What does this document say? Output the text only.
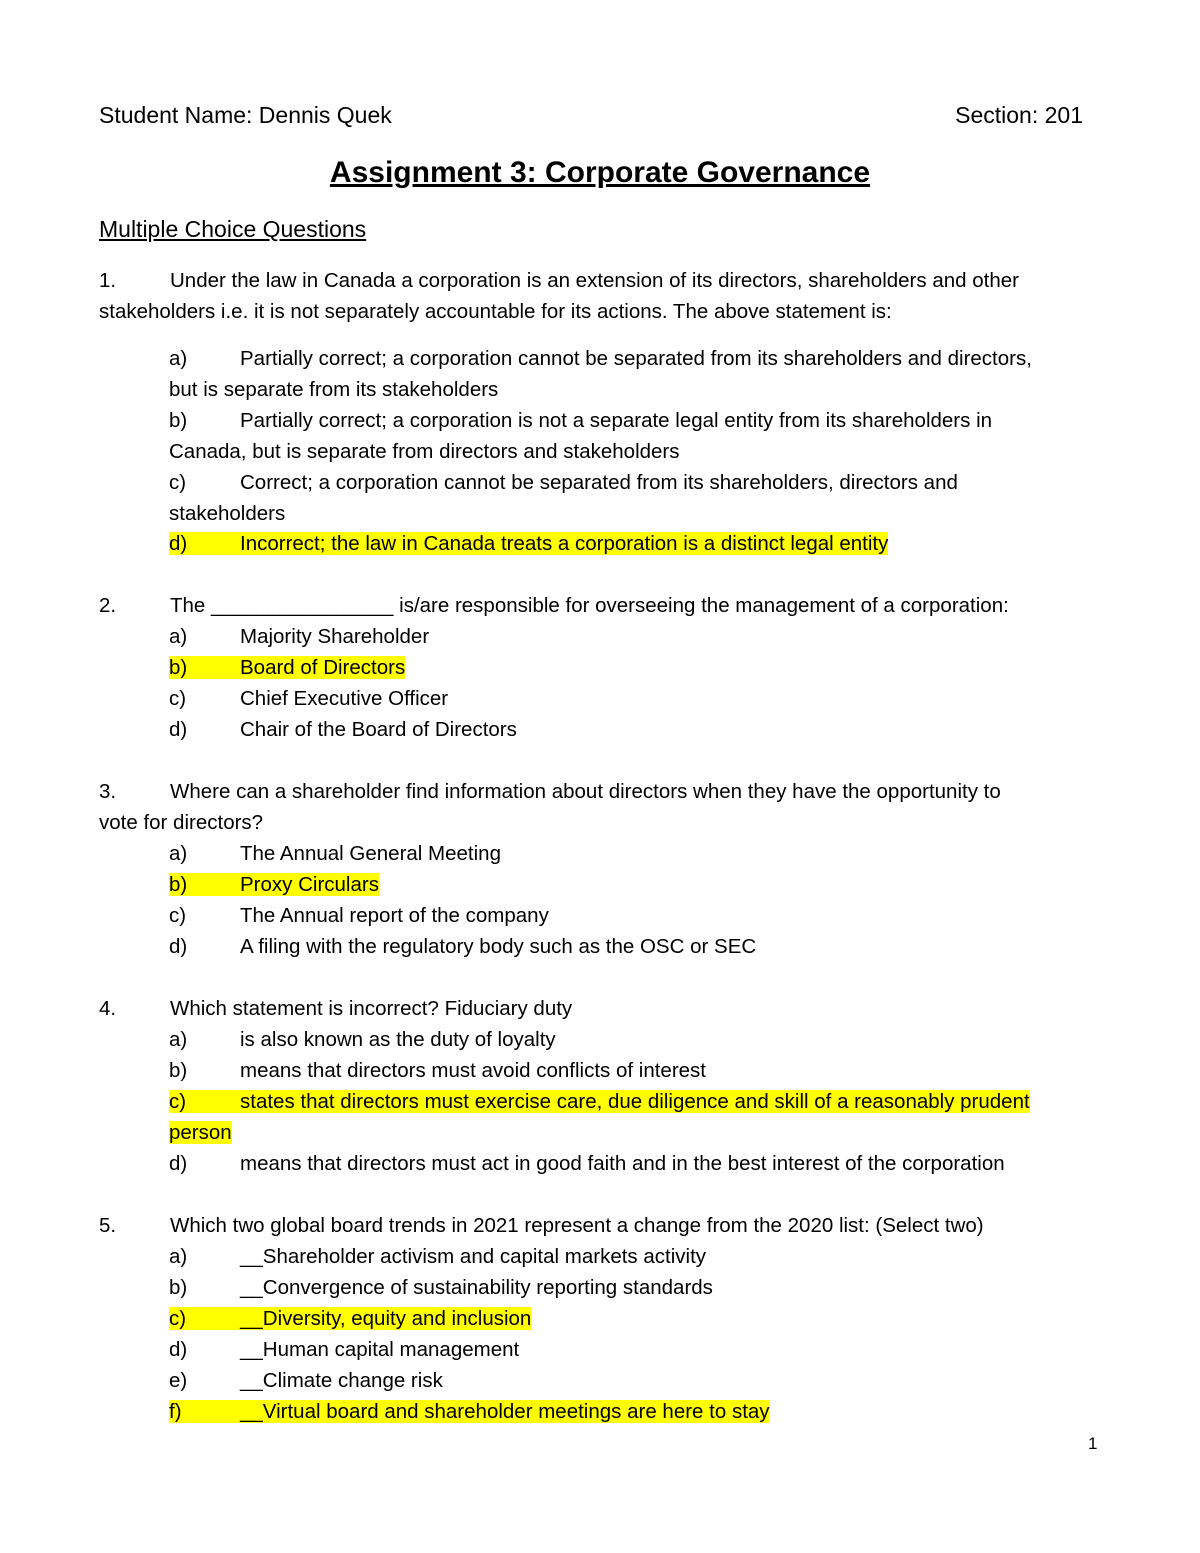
Student Name: Dennis Quek	Section: 201
Assignment 3: Corporate Governance
Multiple Choice Questions
1.	Under the law in Canada a corporation is an extension of its directors, shareholders and other
stakeholders i.e. it is not separately accountable for its actions. The above statement is:
a)	Partially correct; a corporation cannot be separated from its shareholders and directors,
but is separate from its stakeholders
b)	Partially correct; a corporation is not a separate legal entity from its shareholders in
Canada, but is separate from directors and stakeholders
c)	Correct; a corporation cannot be separated from its shareholders, directors and
stakeholders
d)	Incorrect; the law in Canada treats a corporation is a distinct legal entity
2.	The ________________ is/are responsible for overseeing the management of a corporation:
a)	Majority Shareholder
b)	Board of Directors
c)	Chief Executive Officer
d)	Chair of the Board of Directors
3.	Where can a shareholder find information about directors when they have the opportunity to
vote for directors?
a)	The Annual General Meeting
b)	Proxy Circulars
c)	The Annual report of the company
d)	A filing with the regulatory body such as the OSC or SEC
4.	Which statement is incorrect? Fiduciary duty
a)	is also known as the duty of loyalty
b)	means that directors must avoid conflicts of interest
c)	states that directors must exercise care, due diligence and skill of a reasonably prudent
person
d)	means that directors must act in good faith and in the best interest of the corporation
5.	Which two global board trends in 2021 represent a change from the 2020 list: (Select two)
a)	__Shareholder activism and capital markets activity
b)	__Convergence of sustainability reporting standards
c)	__Diversity, equity and inclusion
d)	__Human capital management
e)	__Climate change risk
f)	__Virtual board and shareholder meetings are here to stay
1
